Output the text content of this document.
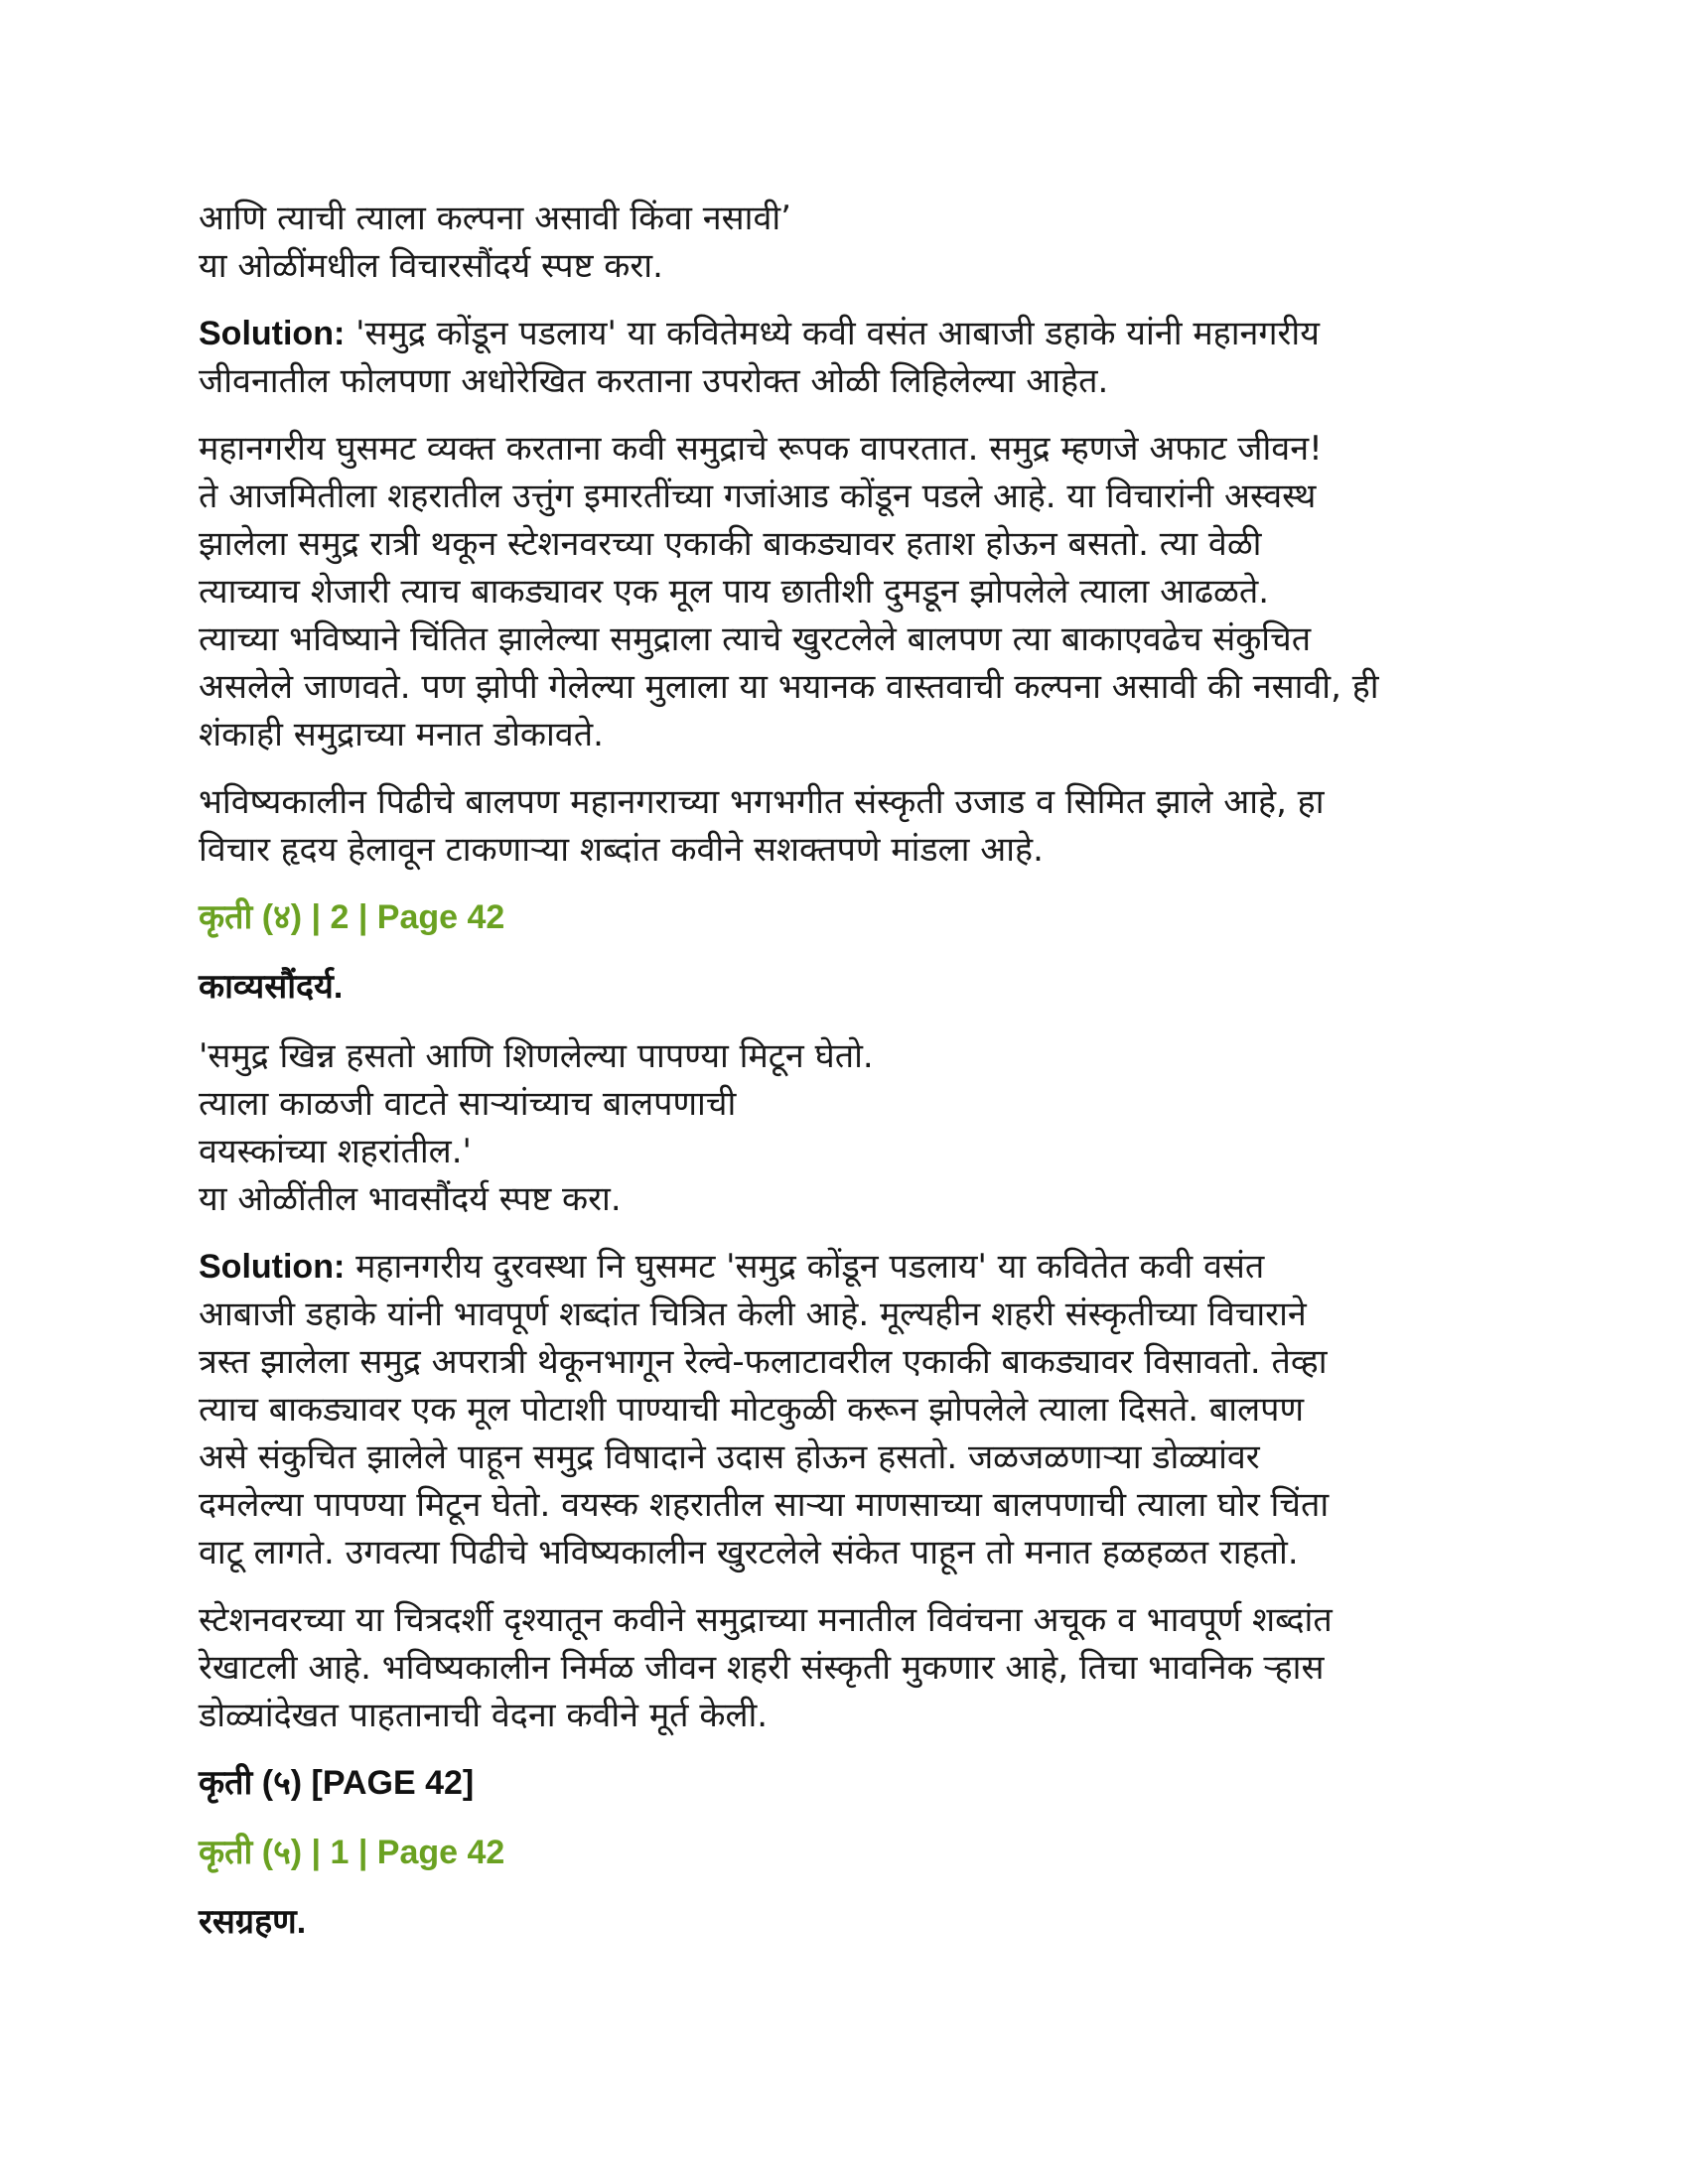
आणि त्याची त्याला कल्पना असावी किंवा नसावी’
या ओळींमधील विचारसौंदर्य स्पष्ट करा.
Solution: 'समुद्र कोंडून पडलाय' या कवितेमध्ये कवी वसंत आबाजी डहाके यांनी महानगरीय
जीवनातील फोलपणा अधोरेखित करताना उपरोक्त ओळी लिहिलेल्या आहेत.
महानगरीय घुसमट व्यक्त करताना कवी समुद्राचे रूपक वापरतात. समुद्र म्हणजे अफाट जीवन!
ते आजमितीला शहरातील उत्तुंग इमारतींच्या गजांआड कोंडून पडले आहे. या विचारांनी अस्वस्थ
झालेला समुद्र रात्री थकून स्टेशनवरच्या एकाकी बाकड्यावर हताश होऊन बसतो. त्या वेळी
त्याच्याच शेजारी त्याच बाकड्यावर एक मूल पाय छातीशी दुमडून झोपलेले त्याला आढळते.
त्याच्या भविष्याने चिंतित झालेल्या समुद्राला त्याचे खुरटलेले बालपण त्या बाकाएवढेच संकुचित
असलेले जाणवते. पण झोपी गेलेल्या मुलाला या भयानक वास्तवाची कल्पना असावी की नसावी, ही
शंकाही समुद्राच्या मनात डोकावते.
भविष्यकालीन पिढीचे बालपण महानगराच्या भगभगीत संस्कृती उजाड व सिमित झाले आहे, हा
विचार हृदय हेलावून टाकणाऱ्या शब्दांत कवीने सशक्तपणे मांडला आहे.
कृती (४) | 2 | Page 42
काव्यसौंदर्य.
'समुद्र खिन्न हसतो आणि शिणलेल्या पापण्या मिटून घेतो.
त्याला काळजी वाटते साऱ्यांच्याच बालपणाची
वयस्कांच्या शहरांतील.'
या ओळींतील भावसौंदर्य स्पष्ट करा.
Solution: महानगरीय दुरवस्था नि घुसमट 'समुद्र कोंडून पडलाय' या कवितेत कवी वसंत
आबाजी डहाके यांनी भावपूर्ण शब्दांत चित्रित केली आहे. मूल्यहीन शहरी संस्कृतीच्या विचाराने
त्रस्त झालेला समुद्र अपरात्री थेकूनभागून रेल्वे-फलाटावरील एकाकी बाकड्यावर विसावतो. तेव्हा
त्याच बाकड्यावर एक मूल पोटाशी पाण्याची मोटकुळी करून झोपलेले त्याला दिसते. बालपण
असे संकुचित झालेले पाहून समुद्र विषादाने उदास होऊन हसतो. जळजळणाऱ्या डोळ्यांवर
दमलेल्या पापण्या मिटून घेतो. वयस्क शहरातील साऱ्या माणसाच्या बालपणाची त्याला घोर चिंता
वाटू लागते. उगवत्या पिढीचे भविष्यकालीन खुरटलेले संकेत पाहून तो मनात हळहळत राहतो.
स्टेशनवरच्या या चित्रदर्शी दृश्यातून कवीने समुद्राच्या मनातील विवंचना अचूक व भावपूर्ण शब्दांत
रेखाटली आहे. भविष्यकालीन निर्मळ जीवन शहरी संस्कृती मुकणार आहे, तिचा भावनिक ऱ्हास
डोळ्यांदेखत पाहतानाची वेदना कवीने मूर्त केली.
कृती (५) [PAGE 42]
कृती (५) | 1 | Page 42
रसग्रहण.
